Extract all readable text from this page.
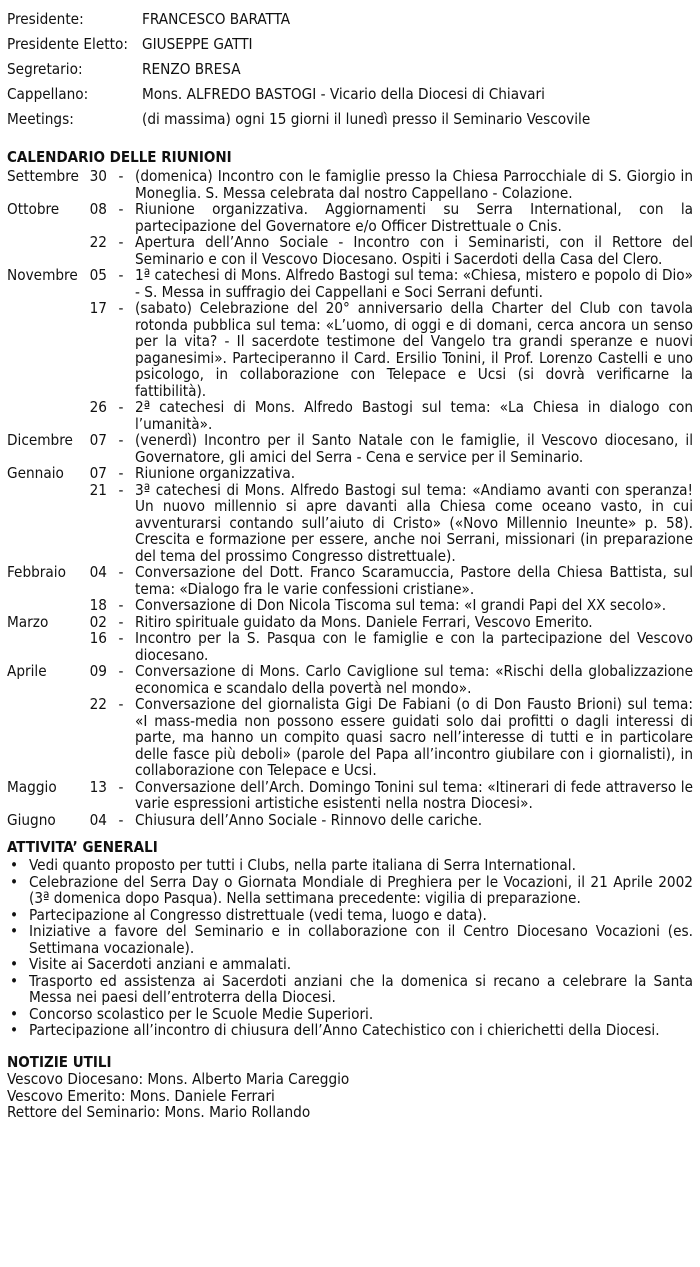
Presidente:	FRANCESCO BARATTA
Presidente Eletto: GIUSEPPE GATTI
Segretario:	RENZO BRESA
Cappellano:	Mons. ALFREDO BASTOGI - Vicario della Diocesi di Chiavari
Meetings:	(di massima) ogni 15 giorni il lunedì presso il Seminario Vescovile
CALENDARIO DELLE RIUNIONI
Settembre 30 - (domenica) Incontro con le famiglie presso la Chiesa Parrocchiale di S. Giorgio in Moneglia. S. Messa celebrata dal nostro Cappellano - Colazione.
Ottobre	08 - Riunione organizzativa. Aggiornamenti su Serra International, con la partecipazione del Governatore e/o Officer Distrettuale o Cnis.
22 - Apertura dell’Anno Sociale - Incontro con i Seminaristi, con il Rettore del Seminario e con il Vescovo Diocesano. Ospiti i Sacerdoti della Casa del Clero.
Novembre 05 - 1ª catechesi di Mons. Alfredo Bastogi sul tema: «Chiesa, mistero e popolo di Dio» - S. Messa in suffragio dei Cappellani e Soci Serrani defunti.
17 - (sabato) Celebrazione del 20° anniversario della Charter del Club con tavola rotonda pubblica sul tema: «L’uomo, di oggi e di domani, cerca ancora un senso per la vita? - Il sacerdote testimone del Vangelo tra grandi speranze e nuovi paganesimi». Parteciperanno il Card. Ersilio Tonini, il Prof. Lorenzo Castelli e uno psicologo, in collaborazione con Telepace e Ucsi (si dovrà verificarne la fattibilità).
26 - 2ª catechesi di Mons. Alfredo Bastogi sul tema: «La Chiesa in dialogo con l’umanità».
Dicembre	07 - (venerdì) Incontro per il Santo Natale con le famiglie, il Vescovo diocesano, il Governatore, gli amici del Serra - Cena e service per il Seminario.
Gennaio	07 - Riunione organizzativa.
21 - 3ª catechesi di Mons. Alfredo Bastogi sul tema: «Andiamo avanti con speranza! Un nuovo millennio si apre davanti alla Chiesa come oceano vasto, in cui avventurarsi contando sull’aiuto di Cristo» («Novo Millennio Ineunte» p. 58). Crescita e formazione per essere, anche noi Serrani, missionari (in preparazione del tema del prossimo Congresso distrettuale).
Febbraio	04 - Conversazione del Dott. Franco Scaramuccia, Pastore della Chiesa Battista, sul tema: «Dialogo fra le varie confessioni cristiane».
18 - Conversazione di Don Nicola Tiscoma sul tema: «I grandi Papi del XX secolo».
Marzo	02 - Ritiro spirituale guidato da Mons. Daniele Ferrari, Vescovo Emerito.
16 - Incontro per la S. Pasqua con le famiglie e con la partecipazione del Vescovo diocesano.
Aprile	09 - Conversazione di Mons. Carlo Caviglione sul tema: «Rischi della globalizzazione economica e scandalo della povertà nel mondo».
22 - Conversazione del giornalista Gigi De Fabiani (o di Don Fausto Brioni) sul tema: «I mass-media non possono essere guidati solo dai profitti o dagli interessi di parte, ma hanno un compito quasi sacro nell’interesse di tutti e in particolare delle fasce più deboli» (parole del Papa all’incontro giubilare con i giornalisti), in collaborazione con Telepace e Ucsi.
Maggio	13 - Conversazione dell’Arch. Domingo Tonini sul tema: «Itinerari di fede attraverso le varie espressioni artistiche esistenti nella nostra Diocesi».
Giugno	04 - Chiusura dell’Anno Sociale - Rinnovo delle cariche.
ATTIVITA’ GENERALI
• Vedi quanto proposto per tutti i Clubs, nella parte italiana di Serra International.
• Celebrazione del Serra Day o Giornata Mondiale di Preghiera per le Vocazioni, il 21 Aprile 2002 (3ª domenica dopo Pasqua). Nella settimana precedente: vigilia di preparazione.
• Partecipazione al Congresso distrettuale (vedi tema, luogo e data).
• Iniziative a favore del Seminario e in collaborazione con il Centro Diocesano Vocazioni (es. Settimana vocazionale).
• Visite ai Sacerdoti anziani e ammalati.
• Trasporto ed assistenza ai Sacerdoti anziani che la domenica si recano a celebrare la Santa Messa nei paesi dell’entroterra della Diocesi.
• Concorso scolastico per le Scuole Medie Superiori.
• Partecipazione all’incontro di chiusura dell’Anno Catechistico con i chierichetti della Diocesi.
NOTIZIE UTILI
Vescovo Diocesano: Mons. Alberto Maria Careggio
Vescovo Emerito: Mons. Daniele Ferrari
Rettore del Seminario: Mons. Mario Rollando
